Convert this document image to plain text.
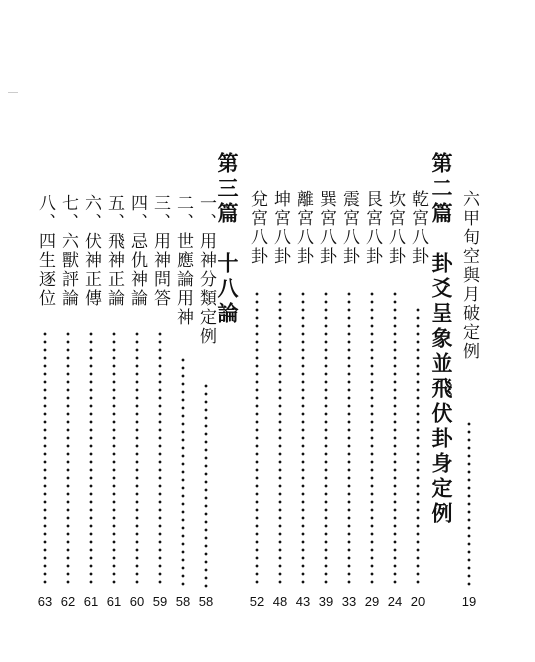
六甲旬空與月破定例
19
第二篇　卦爻呈象並飛伏卦身定例
乾宮八卦
20
坎宮八卦
24
艮宮八卦
29
震宮八卦
33
巽宮八卦
39
離宮八卦
43
坤宮八卦
48
兌宮八卦
52
第三篇　十八論
一、用神分類定例
58
二、世應論用神
58
三、用神問答
59
四、忌仇神論
60
五、飛神正論
61
六、伏神正傳
61
七、六獸評論
62
八、四生逐位
63
